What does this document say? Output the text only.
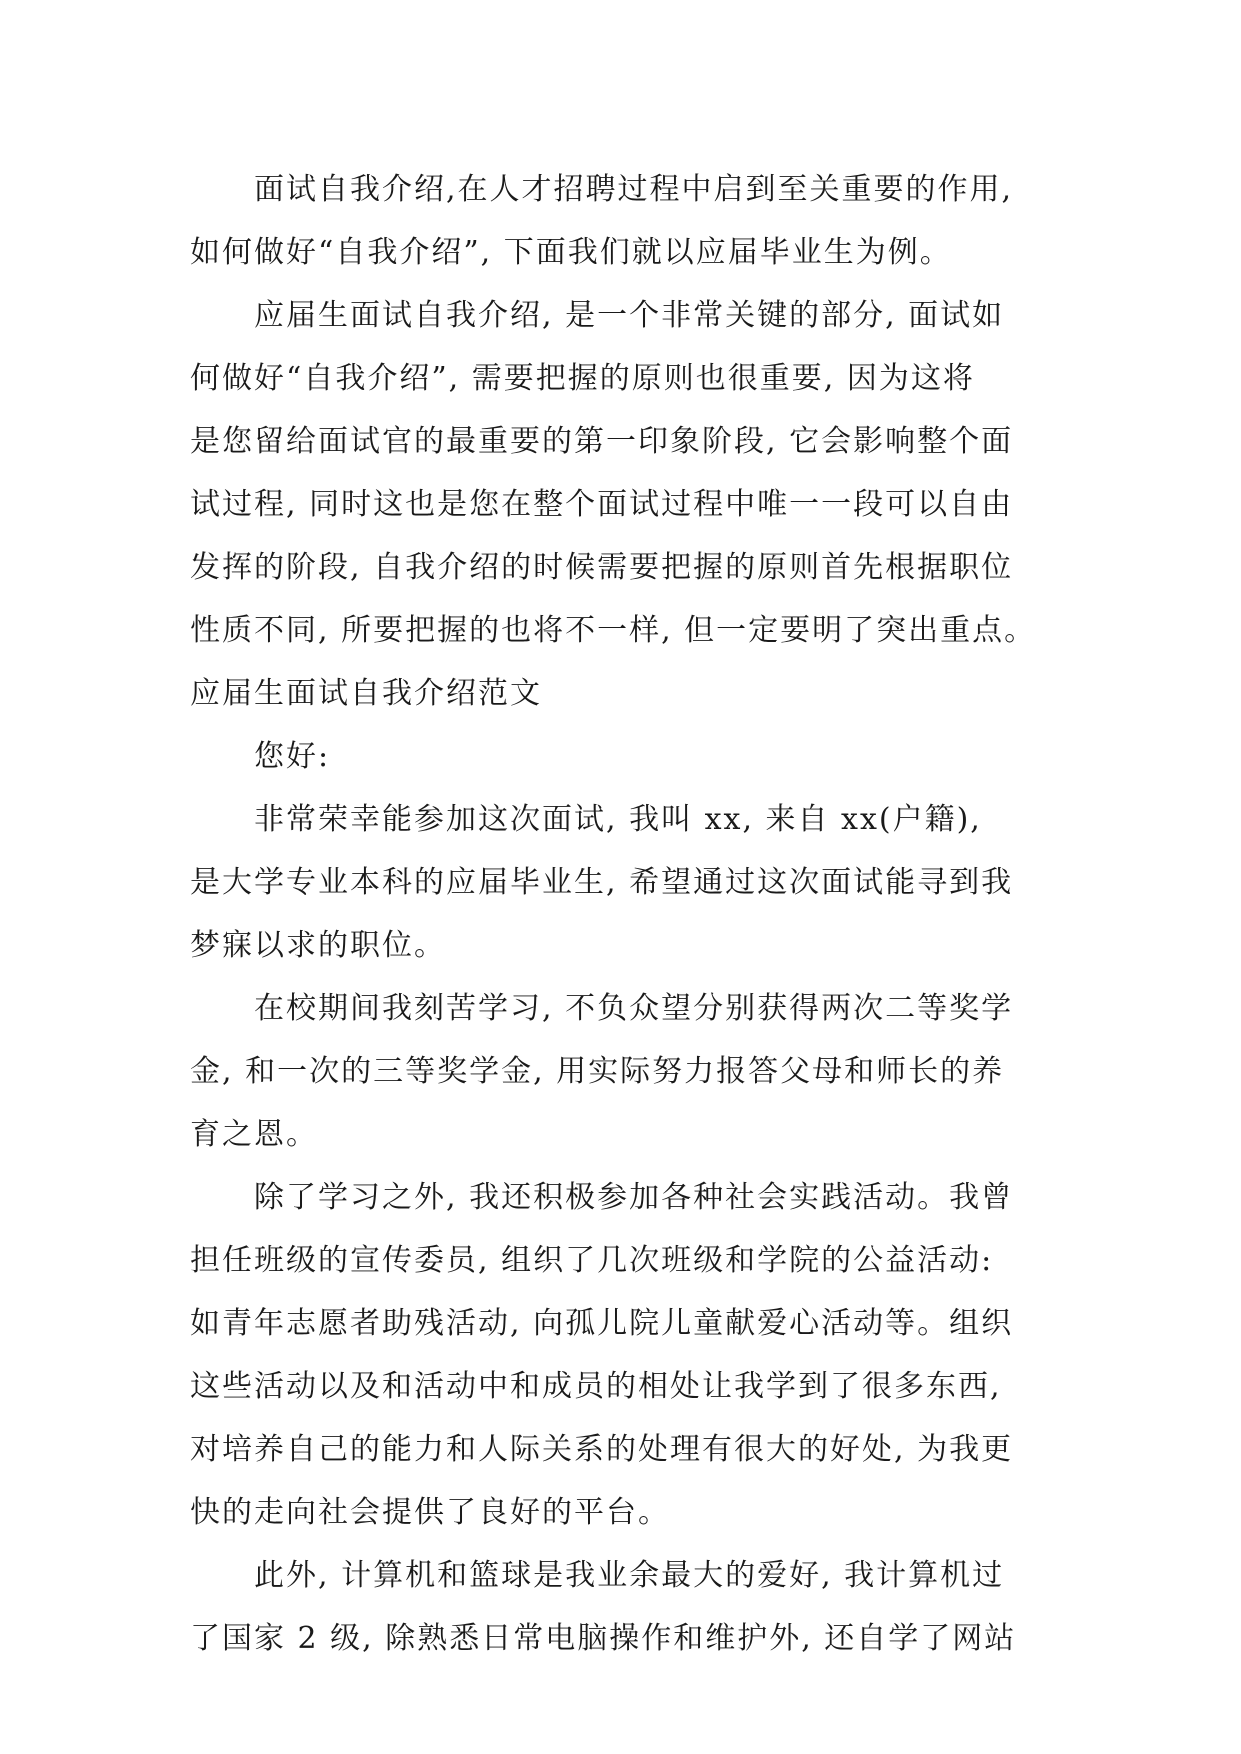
面试自我介绍,在人才招聘过程中启到至关重要的作用,
如何做好“自我介绍”, 下面我们就以应届毕业生为例。
应届生面试自我介绍, 是一个非常关键的部分, 面试如
何做好“自我介绍”, 需要把握的原则也很重要, 因为这将
是您留给面试官的最重要的第一印象阶段, 它会影响整个面
试过程, 同时这也是您在整个面试过程中唯一一段可以自由
发挥的阶段, 自我介绍的时候需要把握的原则首先根据职位
性质不同, 所要把握的也将不一样, 但一定要明了突出重点。
应届生面试自我介绍范文
您好:
非常荣幸能参加这次面试, 我叫 xx, 来自 xx(户籍),
是大学专业本科的应届毕业生, 希望通过这次面试能寻到我
梦寐以求的职位。
在校期间我刻苦学习, 不负众望分别获得两次二等奖学
金, 和一次的三等奖学金, 用实际努力报答父母和师长的养
育之恩。
除了学习之外, 我还积极参加各种社会实践活动。我曾
担任班级的宣传委员, 组织了几次班级和学院的公益活动:
如青年志愿者助残活动, 向孤儿院儿童献爱心活动等。组织
这些活动以及和活动中和成员的相处让我学到了很多东西,
对培养自己的能力和人际关系的处理有很大的好处, 为我更
快的走向社会提供了良好的平台。
此外, 计算机和篮球是我业余最大的爱好, 我计算机过
了国家 2 级, 除熟悉日常电脑操作和维护外, 还自学了网站
